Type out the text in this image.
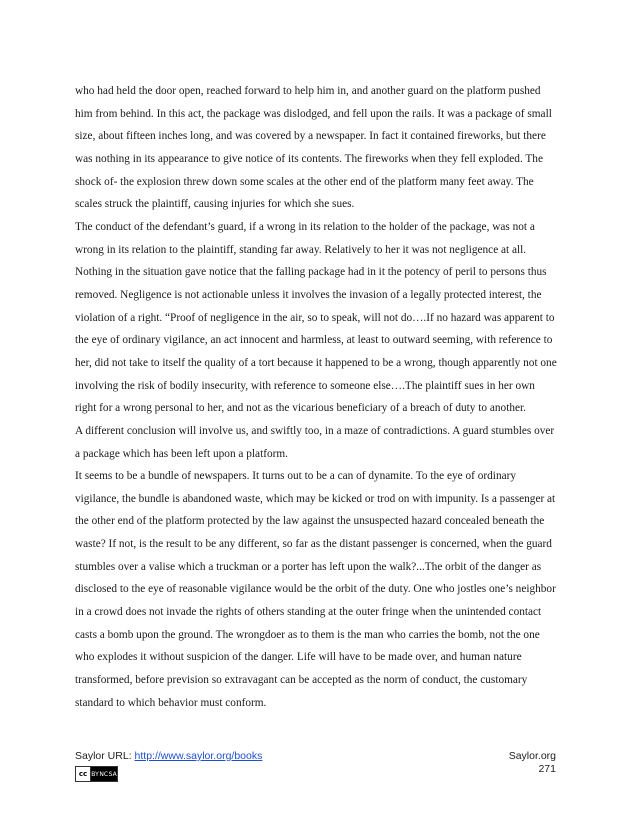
who had held the door open, reached forward to help him in, and another guard on the platform pushed him from behind. In this act, the package was dislodged, and fell upon the rails. It was a package of small size, about fifteen inches long, and was covered by a newspaper. In fact it contained fireworks, but there was nothing in its appearance to give notice of its contents. The fireworks when they fell exploded. The shock of- the explosion threw down some scales at the other end of the platform many feet away. The scales struck the plaintiff, causing injuries for which she sues.

The conduct of the defendant’s guard, if a wrong in its relation to the holder of the package, was not a wrong in its relation to the plaintiff, standing far away. Relatively to her it was not negligence at all. Nothing in the situation gave notice that the falling package had in it the potency of peril to persons thus removed. Negligence is not actionable unless it involves the invasion of a legally protected interest, the violation of a right. “Proof of negligence in the air, so to speak, will not do….If no hazard was apparent to the eye of ordinary vigilance, an act innocent and harmless, at least to outward seeming, with reference to her, did not take to itself the quality of a tort because it happened to be a wrong, though apparently not one involving the risk of bodily insecurity, with reference to someone else….The plaintiff sues in her own right for a wrong personal to her, and not as the vicarious beneficiary of a breach of duty to another.

A different conclusion will involve us, and swiftly too, in a maze of contradictions. A guard stumbles over a package which has been left upon a platform.

It seems to be a bundle of newspapers. It turns out to be a can of dynamite. To the eye of ordinary vigilance, the bundle is abandoned waste, which may be kicked or trod on with impunity. Is a passenger at the other end of the platform protected by the law against the unsuspected hazard concealed beneath the waste? If not, is the result to be any different, so far as the distant passenger is concerned, when the guard stumbles over a valise which a truckman or a porter has left upon the walk?...The orbit of the danger as disclosed to the eye of reasonable vigilance would be the orbit of the duty. One who jostles one’s neighbor in a crowd does not invade the rights of others standing at the outer fringe when the unintended contact casts a bomb upon the ground. The wrongdoer as to them is the man who carries the bomb, not the one who explodes it without suspicion of the danger. Life will have to be made over, and human nature transformed, before prevision so extravagant can be accepted as the norm of conduct, the customary standard to which behavior must conform.

Saylor URL: http://www.saylor.org/books
cc BY NC SA
Saylor.org
271
